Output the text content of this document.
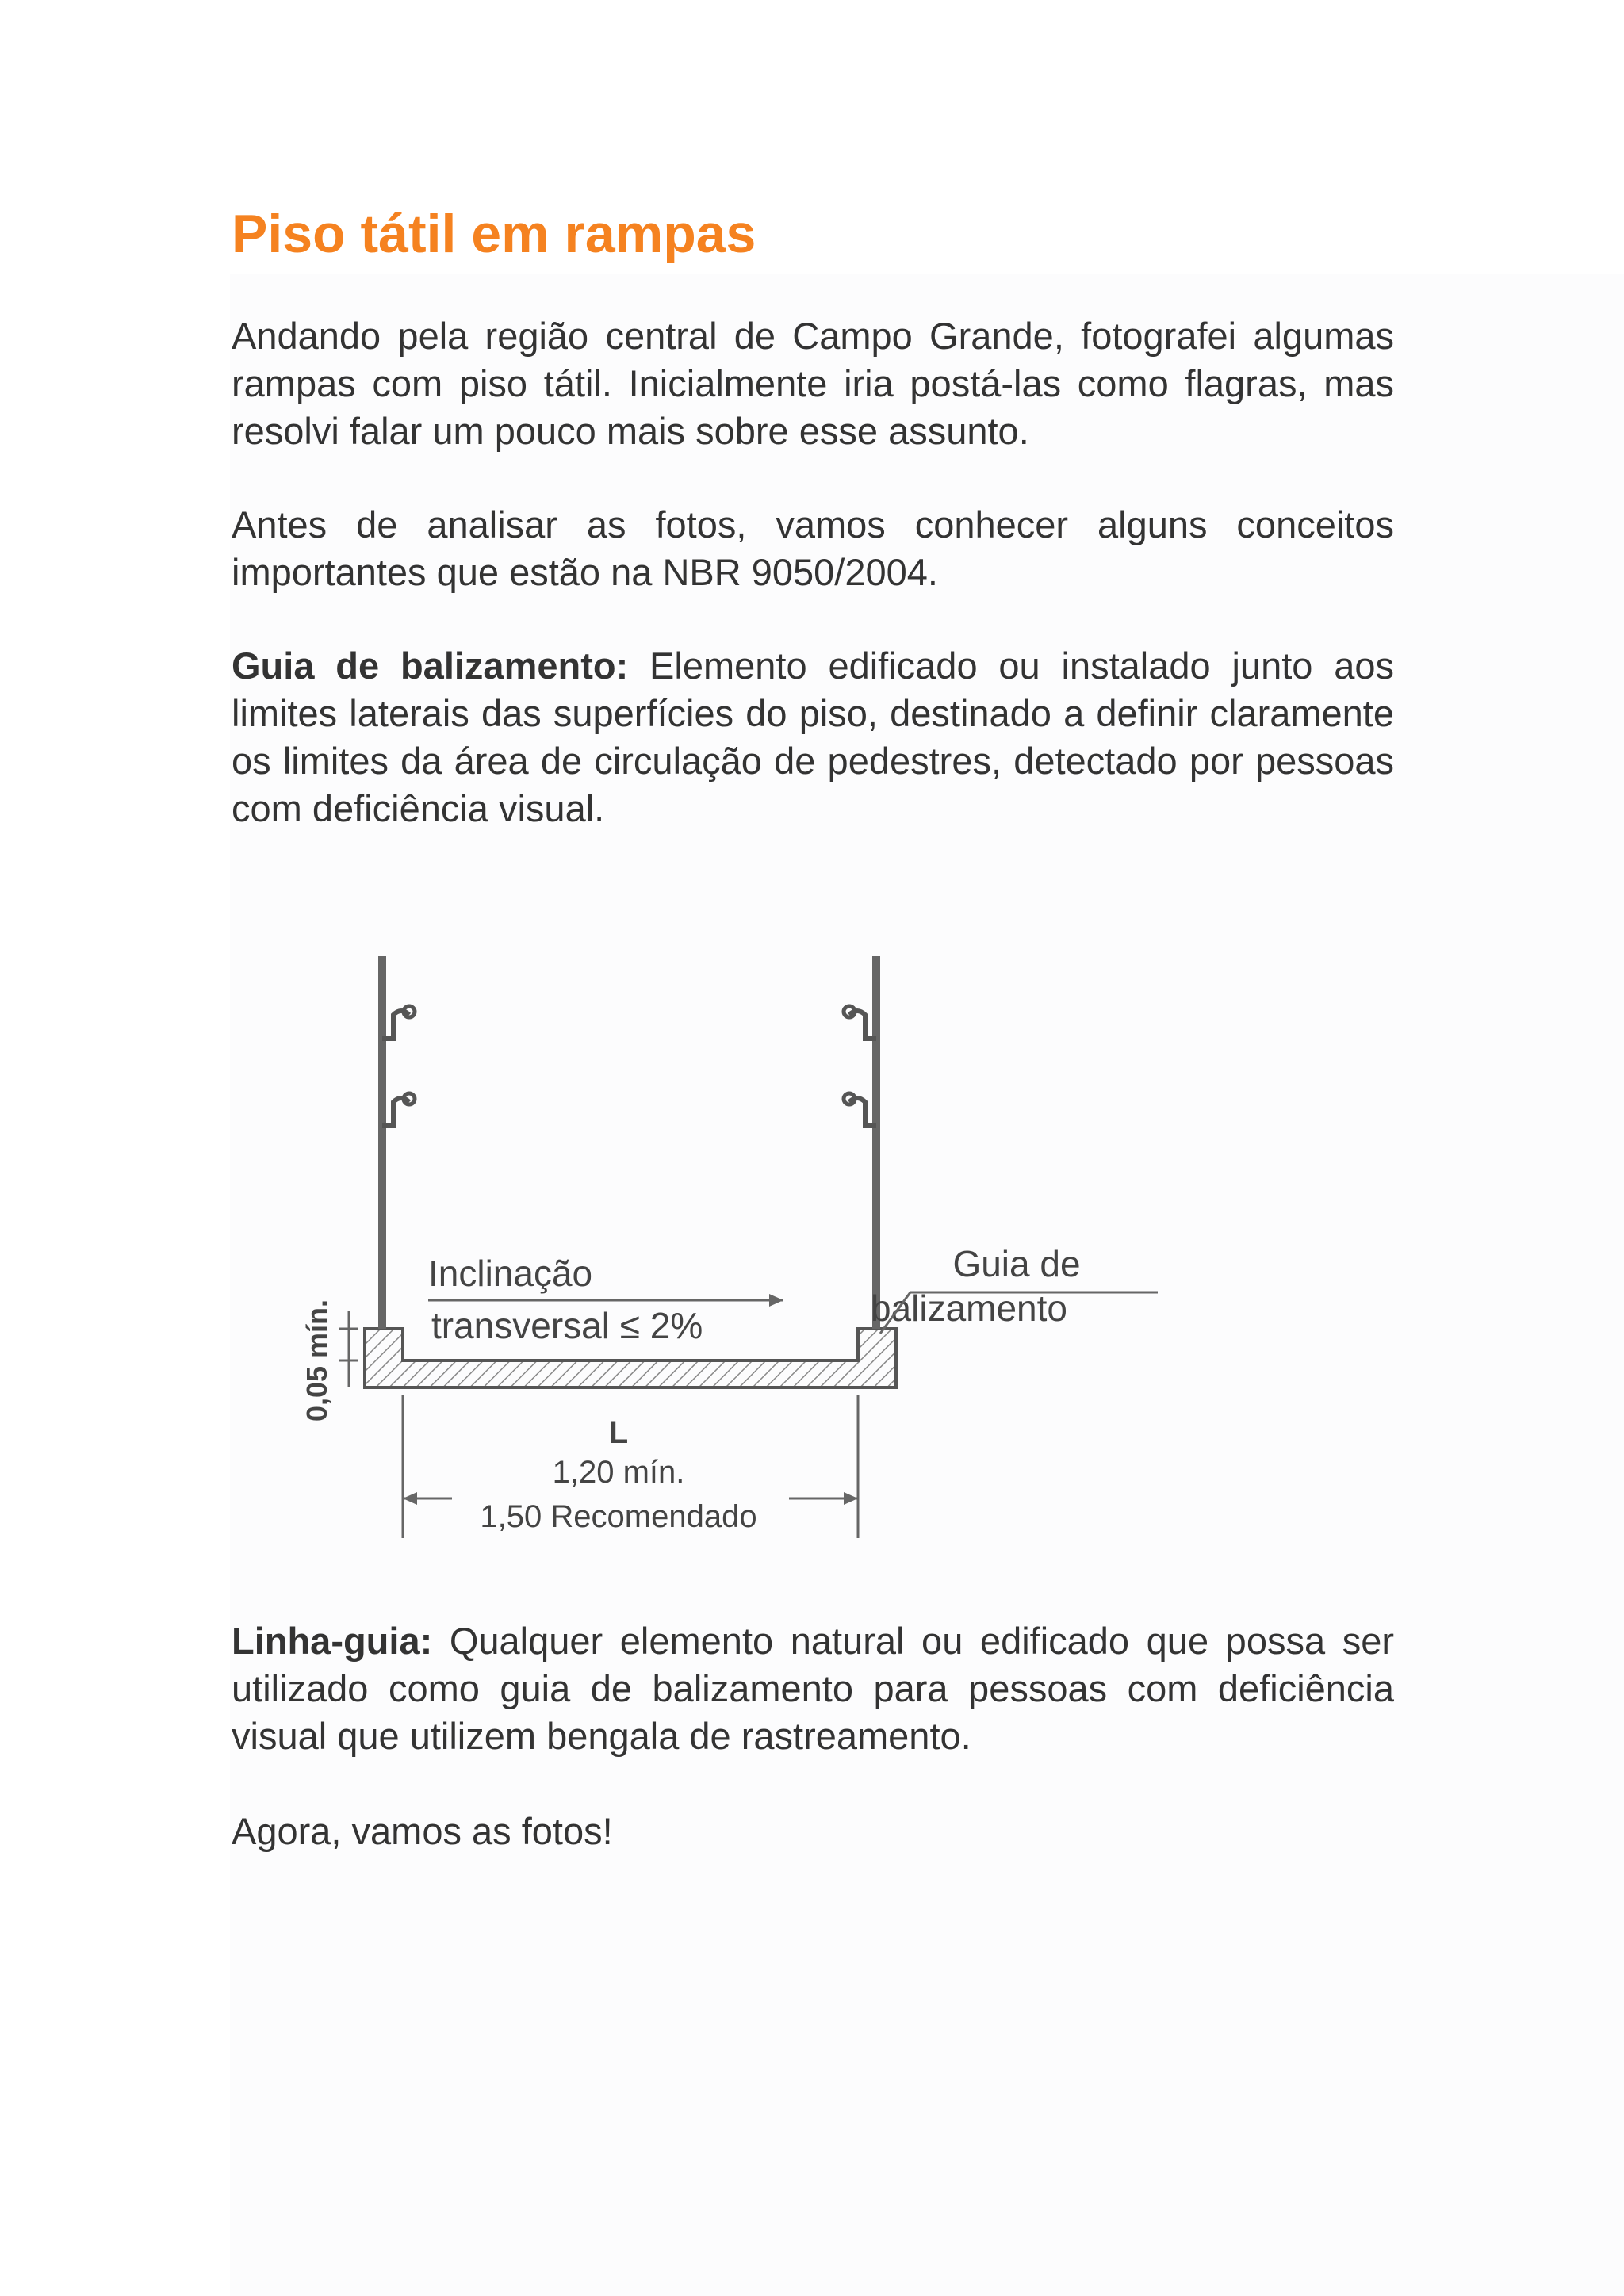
Piso tátil em rampas

Andando pela região central de Campo Grande, fotografei algumas rampas com piso tátil. Inicialmente iria postá-las como flagras, mas resolvi falar um pouco mais sobre esse assunto.

Antes de analisar as fotos, vamos conhecer alguns conceitos importantes que estão na NBR 9050/2004.

Guia de balizamento: Elemento edificado ou instalado junto aos limites laterais das superfícies do piso, destinado a definir claramente os limites da área de circulação de pedestres, detectado por pessoas com deficiência visual.

Inclinação
transversal ≤ 2%
Guia de
balizamento
0,05 mín.
L
1,20 mín.
1,50 Recomendado

Linha-guia: Qualquer elemento natural ou edificado que possa ser utilizado como guia de balizamento para pessoas com deficiência visual que utilizem bengala de rastreamento.

Agora, vamos as fotos!
